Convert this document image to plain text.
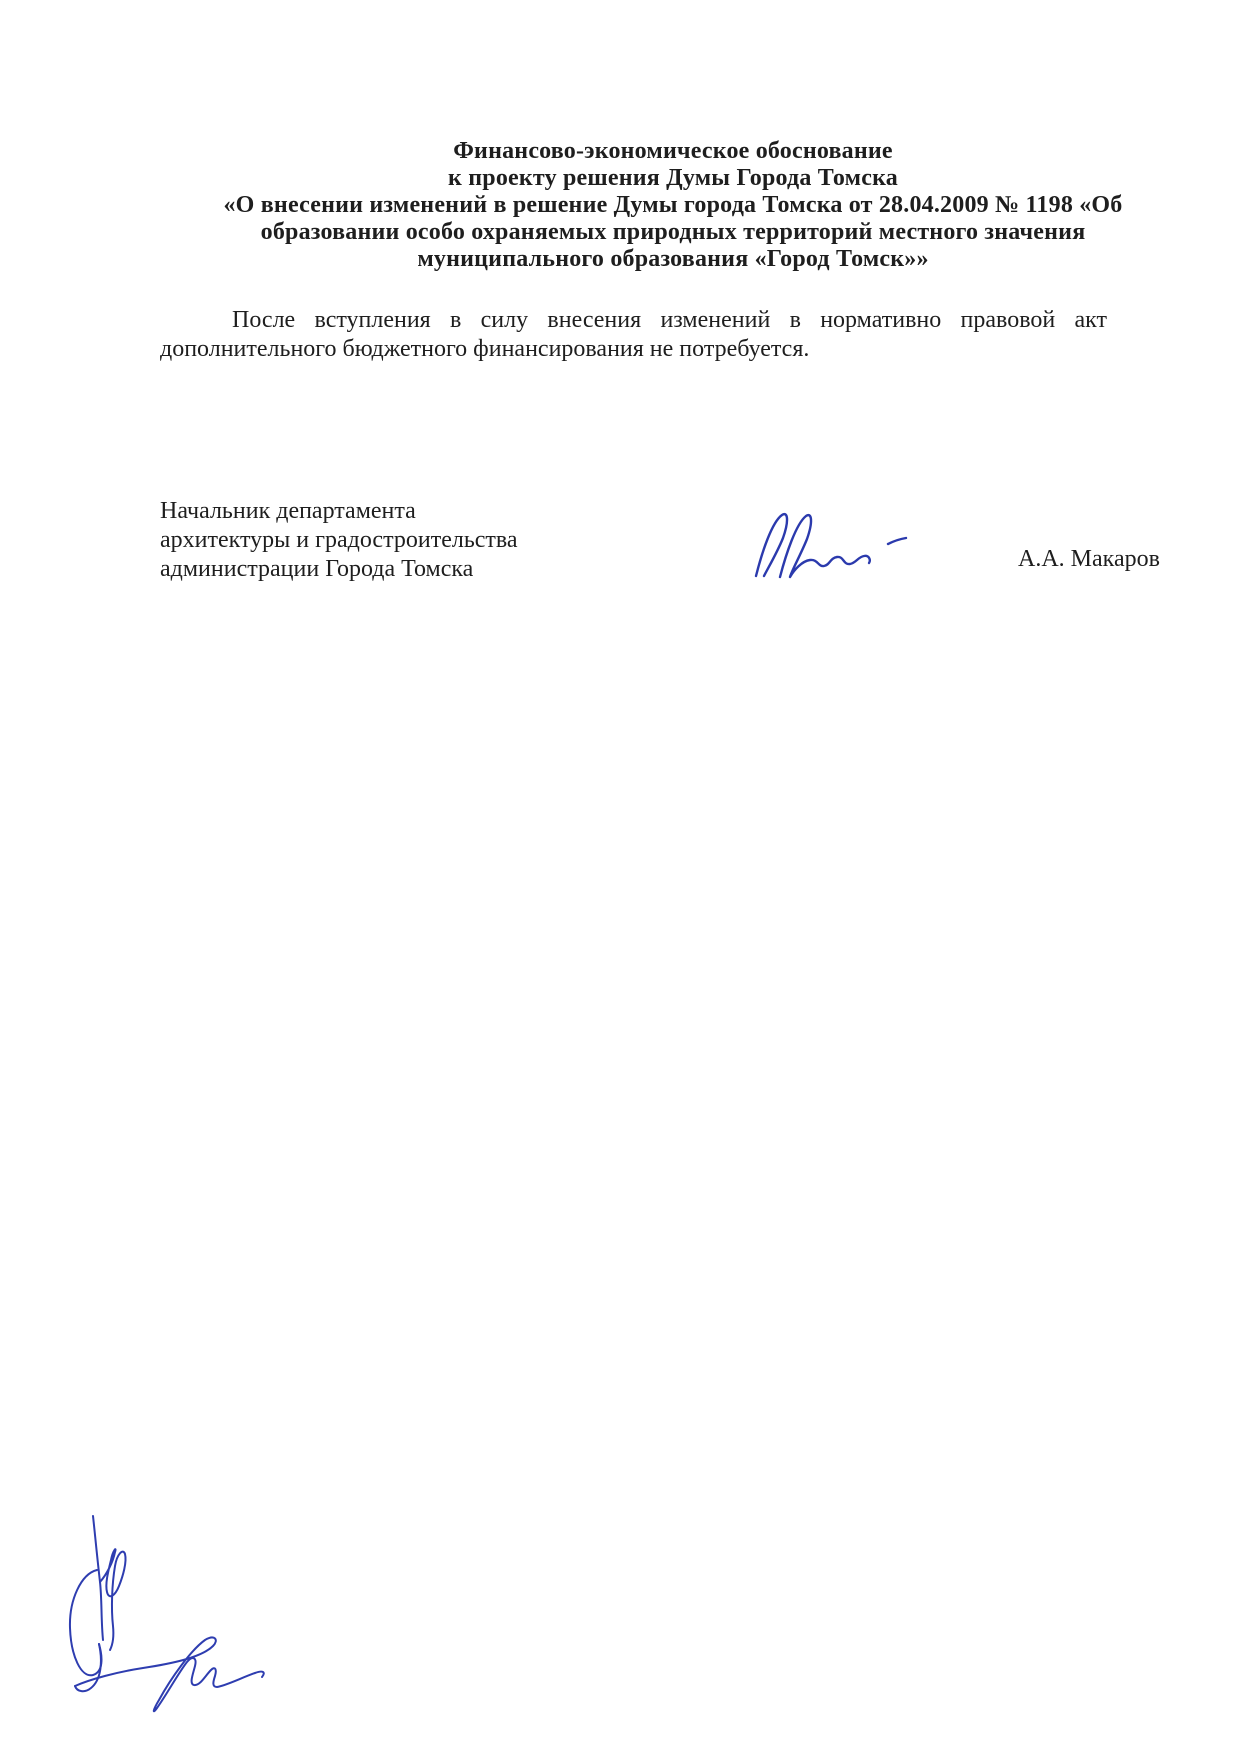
Финансово-экономическое обоснование
к проекту решения Думы Города Томска
«О внесении изменений в решение Думы города Томска от 28.04.2009 № 1198 «Об
образовании особо охраняемых природных территорий местного значения
муниципального образования «Город Томск»»
После вступления в силу внесения изменений в нормативно правовой акт
дополнительного бюджетного финансирования не потребуется.
Начальник департамента
архитектуры и градостроительства
администрации Города Томска	А.А. Макаров
